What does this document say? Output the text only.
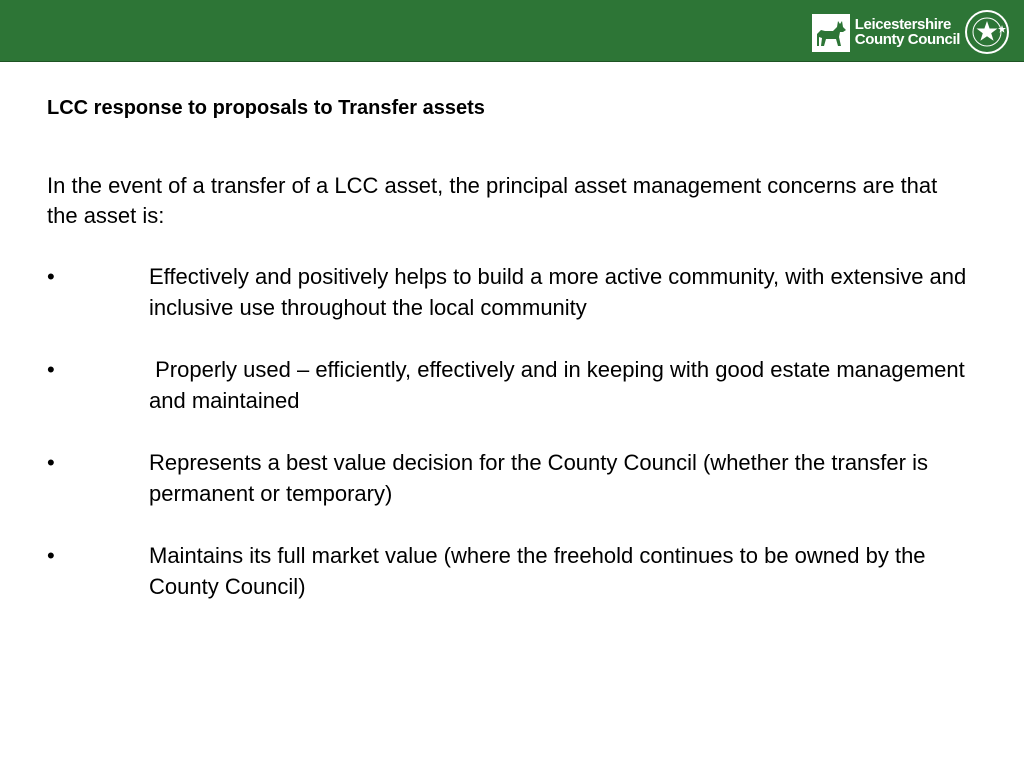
Leicestershire
County Council
LCC response to proposals to Transfer assets

In the event of a transfer of a LCC asset, the principal asset management concerns are that the asset is:

•	Effectively and positively helps to build a more active community, with extensive and inclusive use throughout the local community
•	Properly used – efficiently, effectively and in keeping with good estate management and maintained
•	Represents a best value decision for the County Council (whether the transfer is permanent or temporary)
•	Maintains its full market value (where the freehold continues to be owned by the County Council)
